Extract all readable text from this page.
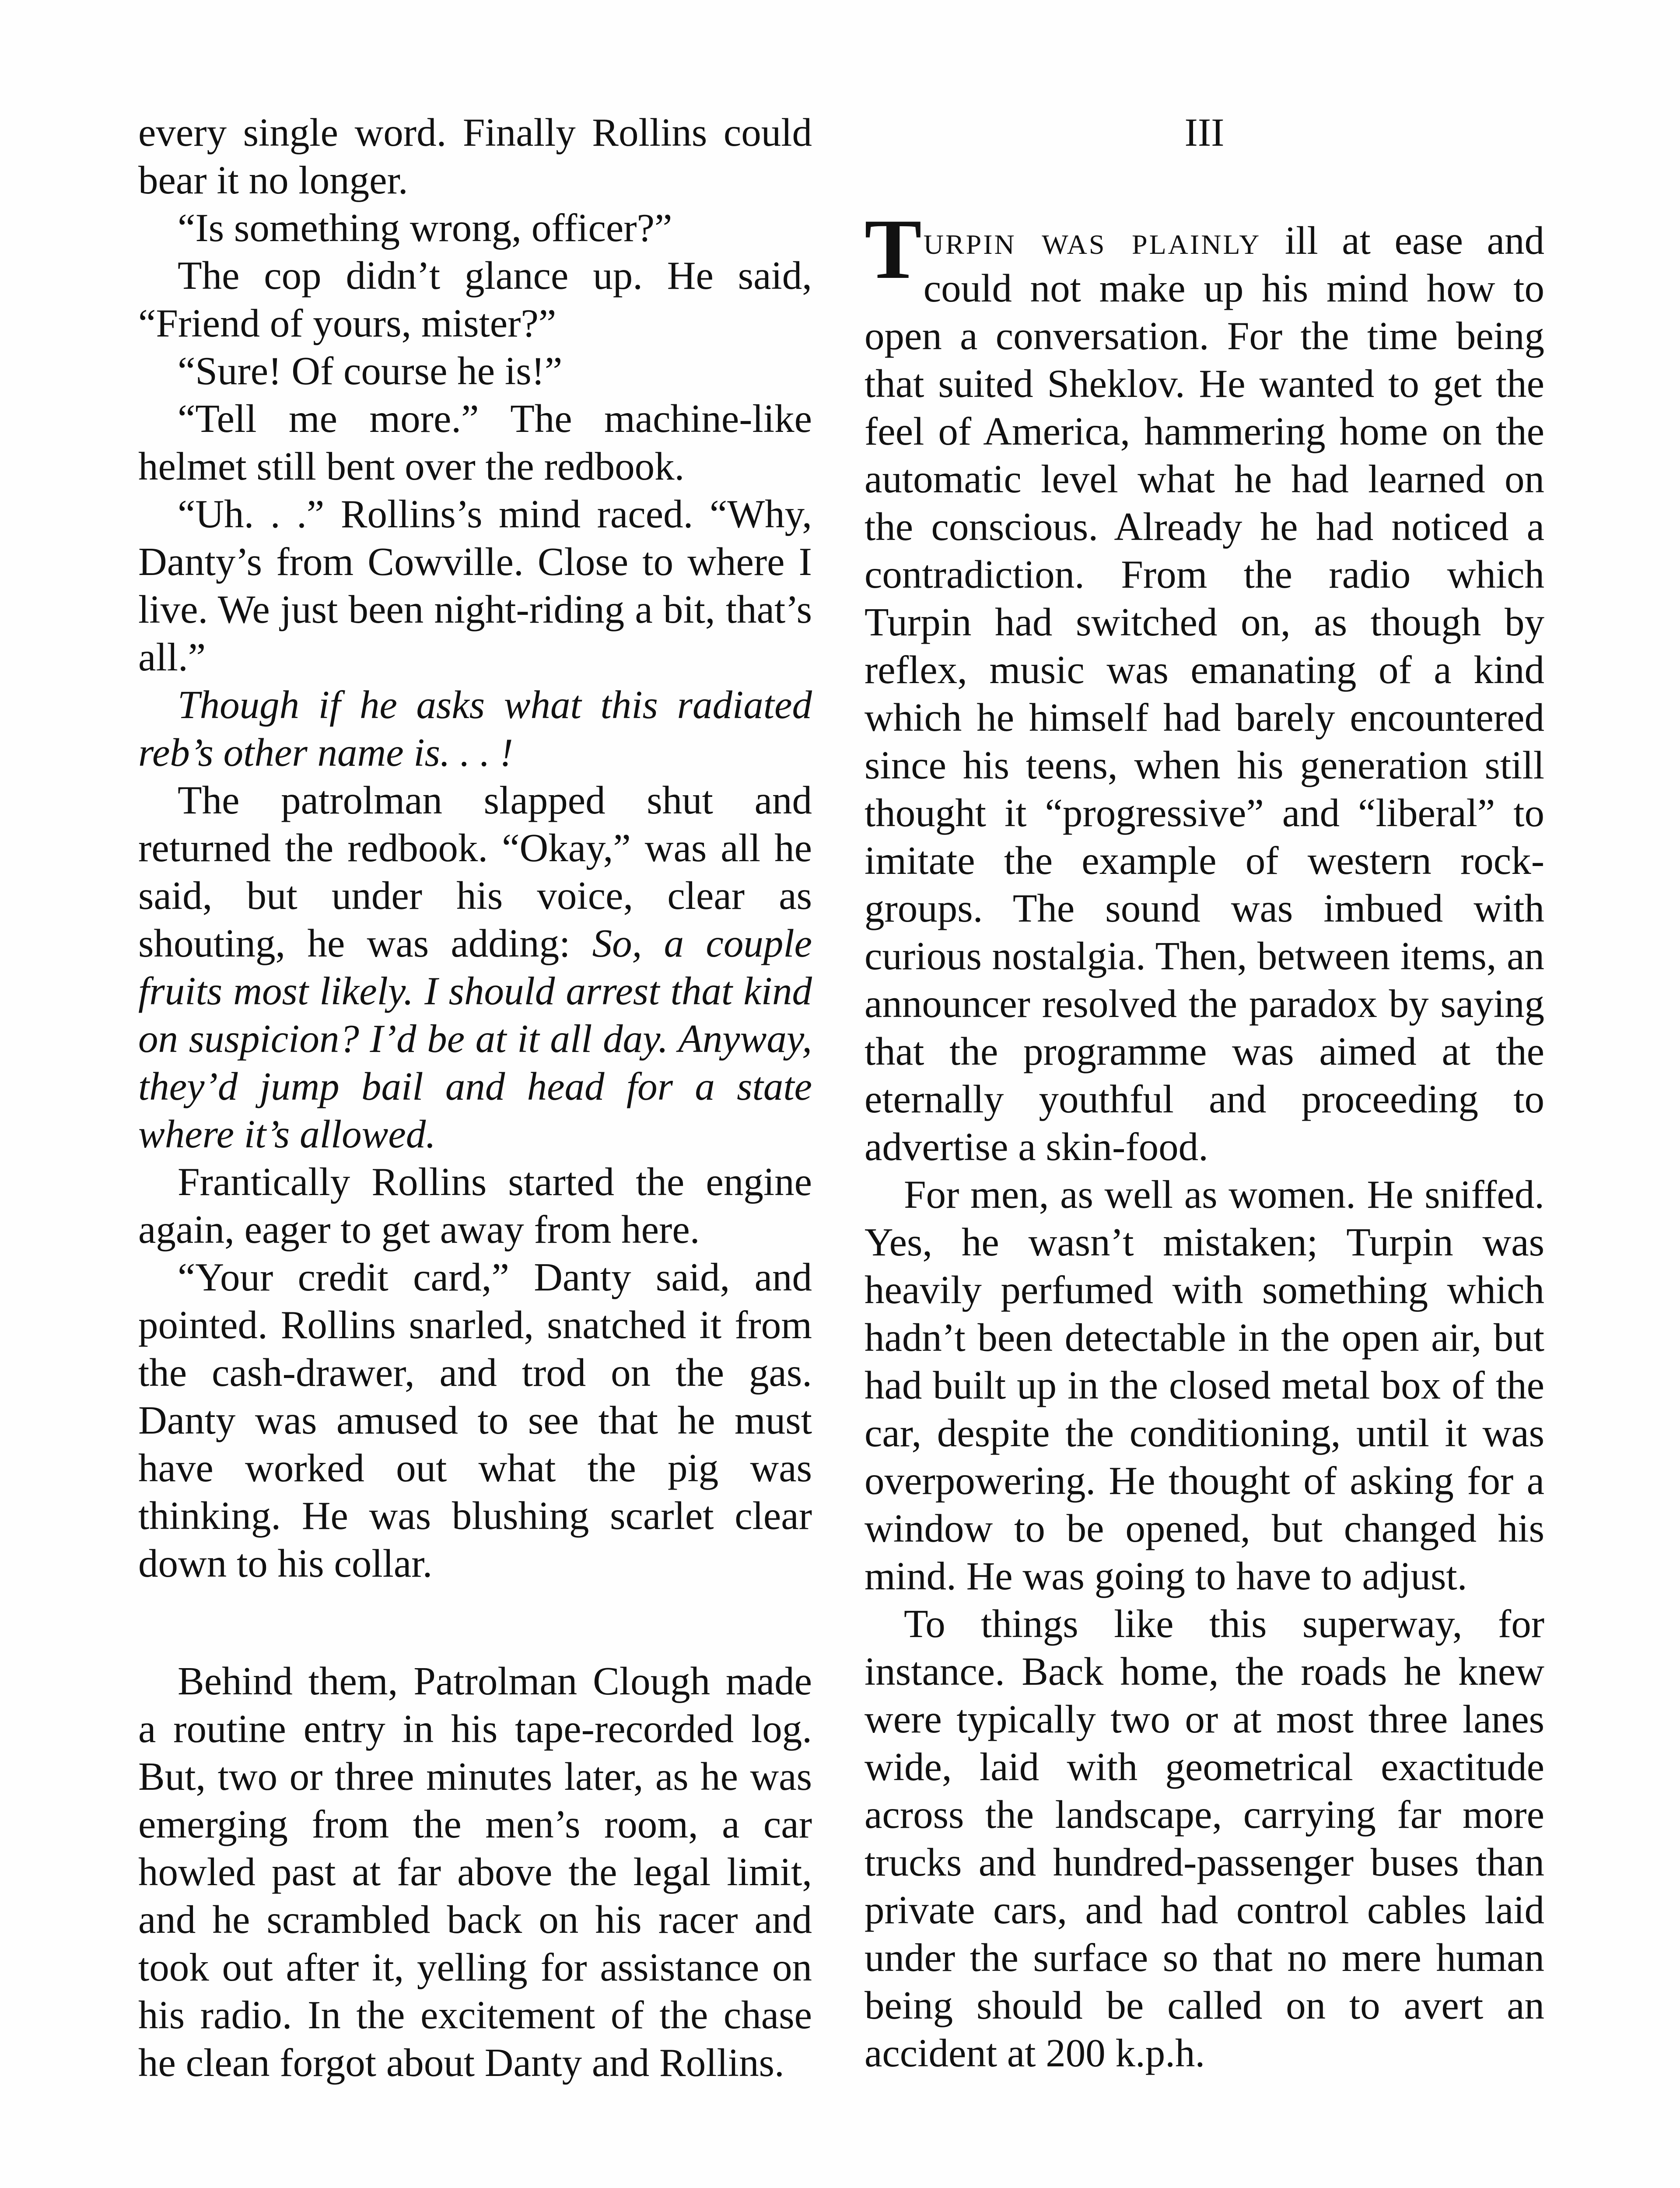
every single word. Finally Rollins could bear it no longer.

“Is something wrong, officer?”

The cop didn’t glance up. He said, “Friend of yours, mister?”

“Sure! Of course he is!”

“Tell me more.” The machine-like helmet still bent over the redbook.

“Uh. . .” Rollins’s mind raced. “Why, Danty’s from Cowville. Close to where I live. We just been night-riding a bit, that’s all.”

Though if he asks what this radiated reb’s other name is. . . !

The patrolman slapped shut and returned the redbook. “Okay,” was all he said, but under his voice, clear as shouting, he was adding: So, a couple fruits most likely. I should arrest that kind on suspicion? I’d be at it all day. Anyway, they’d jump bail and head for a state where it’s allowed.

Frantically Rollins started the engine again, eager to get away from here.

“Your credit card,” Danty said, and pointed. Rollins snarled, snatched it from the cash-drawer, and trod on the gas. Danty was amused to see that he must have worked out what the pig was thinking. He was blushing scarlet clear down to his collar.

Behind them, Patrolman Clough made a routine entry in his tape-recorded log. But, two or three minutes later, as he was emerging from the men’s room, a car howled past at far above the legal limit, and he scrambled back on his racer and took out after it, yelling for assistance on his radio. In the excitement of the chase he clean forgot about Danty and Rollins.

III

Turpin was plainly ill at ease and could not make up his mind how to open a conversation. For the time being that suited Sheklov. He wanted to get the feel of America, hammering home on the automatic level what he had learned on the conscious. Already he had noticed a contradiction. From the radio which Turpin had switched on, as though by reflex, music was emanating of a kind which he himself had barely encountered since his teens, when his generation still thought it “progressive” and “liberal” to imitate the example of western rock-groups. The sound was imbued with curious nostalgia. Then, between items, an announcer resolved the paradox by saying that the programme was aimed at the eternally youthful and proceeding to advertise a skin-food.

For men, as well as women. He sniffed. Yes, he wasn’t mistaken; Turpin was heavily perfumed with something which hadn’t been detectable in the open air, but had built up in the closed metal box of the car, despite the conditioning, until it was overpowering. He thought of asking for a window to be opened, but changed his mind. He was going to have to adjust.

To things like this superway, for instance. Back home, the roads he knew were typically two or at most three lanes wide, laid with geometrical exactitude across the landscape, carrying far more trucks and hundred-passenger buses than private cars, and had control cables laid under the surface so that no mere human being should be called on to avert an accident at 200 k.p.h.
